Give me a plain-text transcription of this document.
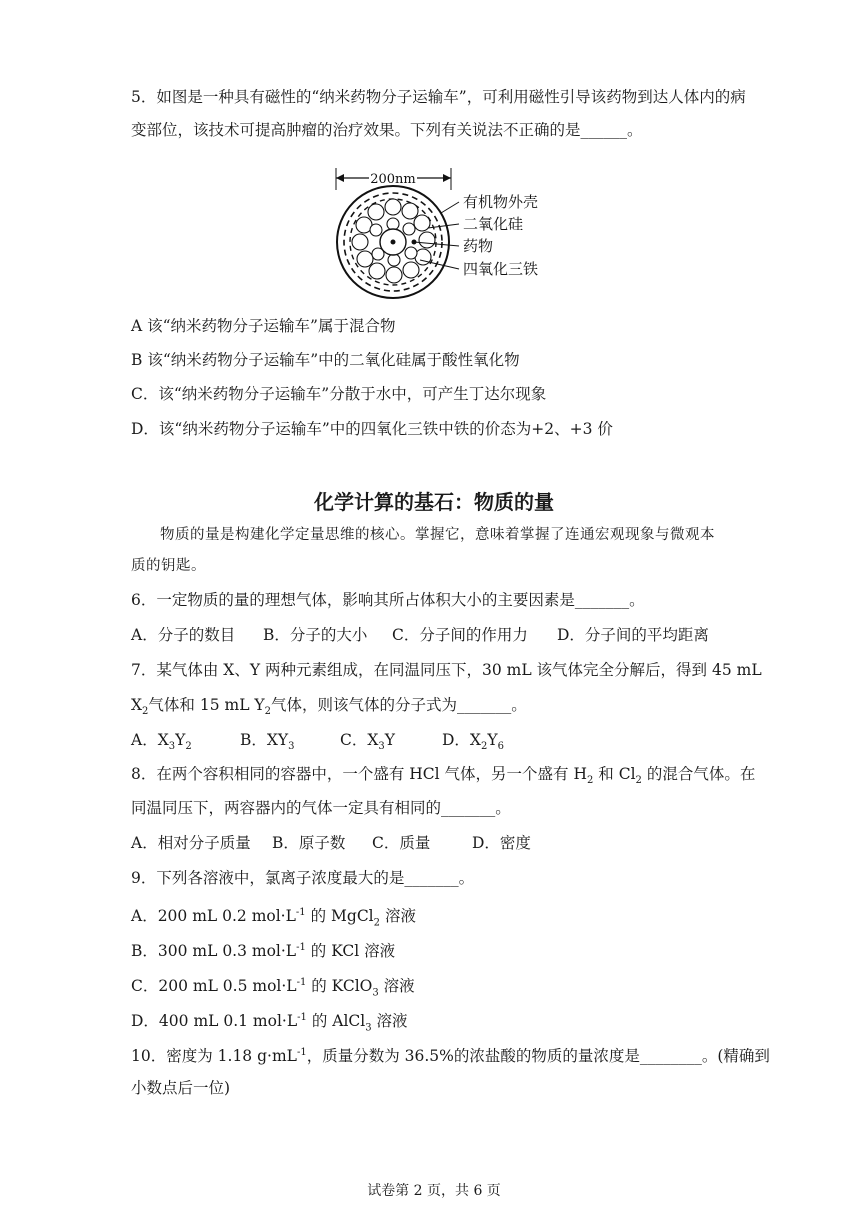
5．如图是一种具有磁性的“纳米药物分子运输车”，可利用磁性引导该药物到达人体内的病
变部位，该技术可提高肿瘤的治疗效果。下列有关说法不正确的是______。
200nm
有机物外壳
二氧化硅
药物
四氧化三铁
A 该“纳米药物分子运输车”属于混合物
B 该“纳米药物分子运输车”中的二氧化硅属于酸性氧化物
C．该“纳米药物分子运输车”分散于水中，可产生丁达尔现象
D．该“纳米药物分子运输车”中的四氧化三铁中铁的价态为+2、+3 价
化学计算的基石：物质的量
物质的量是构建化学定量思维的核心。掌握它，意味着掌握了连通宏观现象与微观本
质的钥匙。
6．一定物质的量的理想气体，影响其所占体积大小的主要因素是_______。
A．分子的数目 B．分子的大小 C．分子间的作用力 D．分子间的平均距离
7．某气体由 X、Y 两种元素组成，在同温同压下，30 mL 该气体完全分解后，得到 45 mL
$X_2$气体和 15 mL $Y_2$气体，则该气体的分子式为_______。
A．$X_3Y_2$	B．$XY_3$	C．$X_3Y$	D．$X_2Y_6$
8．在两个容积相同的容器中，一个盛有 HCl 气体，另一个盛有 $H_2$ 和 $Cl_2$ 的混合气体。在
同温同压下，两容器内的气体一定具有相同的_______。
A．相对分子质量 B．原子数 C．质量	D．密度
9．下列各溶液中，氯离子浓度最大的是_______。
A．200 mL 0.2 $mol\cdot L^{-1}$ 的 MgCl$_2$ 溶液
B．300 mL 0.3 $mol\cdot L^{-1}$ 的 KCl 溶液
C．200 mL 0.5 $mol\cdot L^{-1}$ 的 KClO$_3$ 溶液
D．400 mL 0.1 $mol\cdot L^{-1}$ 的 AlCl$_3$ 溶液
10．密度为 1.18 $g\cdot mL^{-1}$，质量分数为 36.5%的浓盐酸的物质的量浓度是________。(精确到
小数点后一位)
试卷第 2 页，共 6 页
